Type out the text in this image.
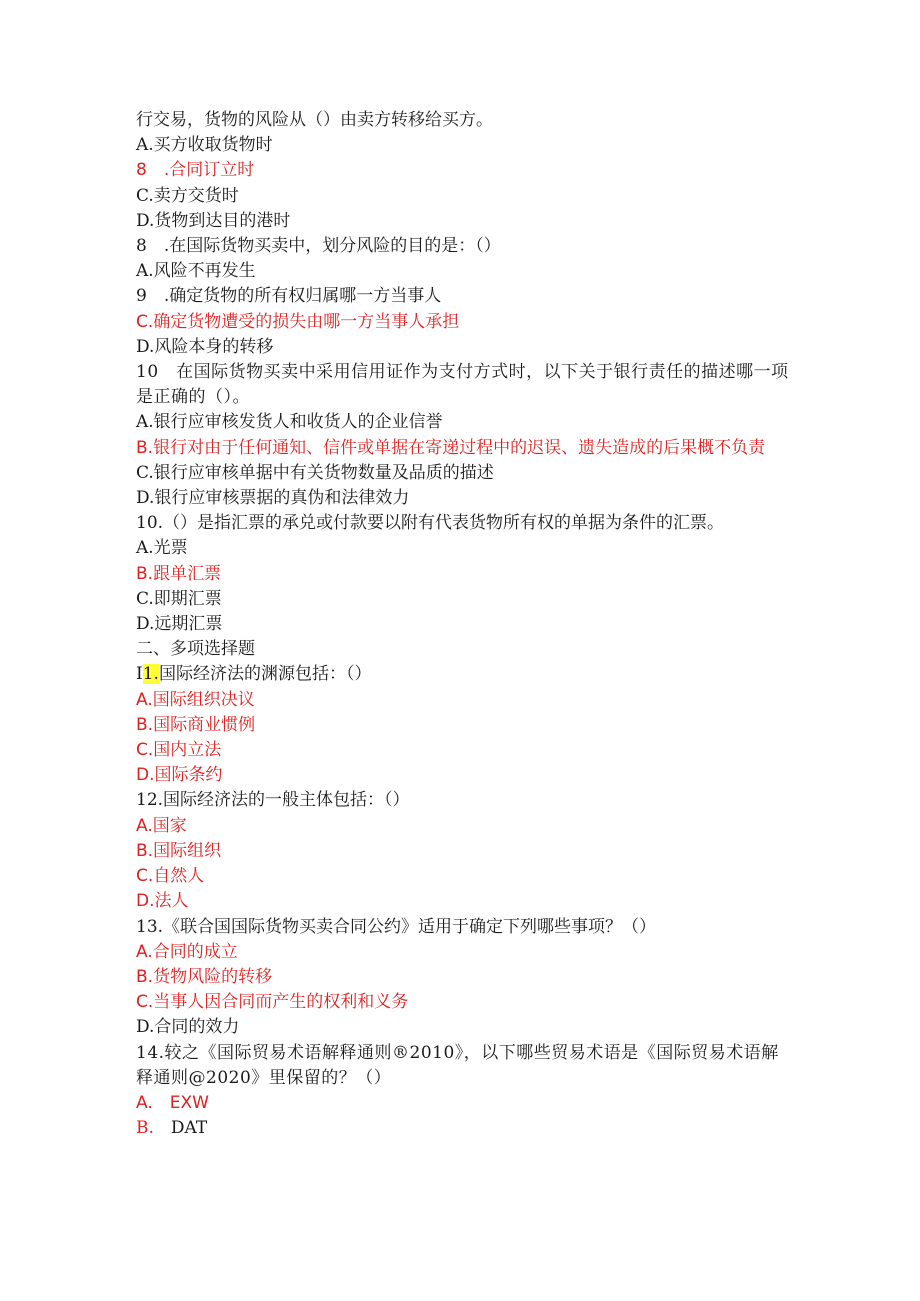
行交易，货物的风险从（）由卖方转移给买方。
A.买方收取货物时
8　.合同订立时
C.卖方交货时
D.货物到达目的港时
8　.在国际货物买卖中，划分风险的目的是：（）
A.风险不再发生
9　.确定货物的所有权归属哪一方当事人
C.确定货物遭受的损失由哪一方当事人承担
D.风险本身的转移
10　在国际货物买卖中采用信用证作为支付方式时，以下关于银行责任的描述哪一项是正确的（）。
A.银行应审核发货人和收货人的企业信誉
B.银行对由于任何通知、信件或单据在寄递过程中的迟误、遗失造成的后果概不负责
C.银行应审核单据中有关货物数量及品质的描述
D.银行应审核票据的真伪和法律效力
10.（）是指汇票的承兑或付款要以附有代表货物所有权的单据为条件的汇票。
A.光票
B.跟单汇票
C.即期汇票
D.远期汇票
二、多项选择题
I1.国际经济法的渊源包括：（）
A.国际组织决议
B.国际商业惯例
C.国内立法
D.国际条约
12.国际经济法的一般主体包括：（）
A.国家
B.国际组织
C.自然人
D.法人
13.《联合国国际货物买卖合同公约》适用于确定下列哪些事项？（）
A.合同的成立
B.货物风险的转移
C.当事人因合同而产生的权利和义务
D.合同的效力
14.较之《国际贸易术语解释通则®2010》，以下哪些贸易术语是《国际贸易术语解释通则@2020》里保留的？（）
A.　EXW
B.　DAT
